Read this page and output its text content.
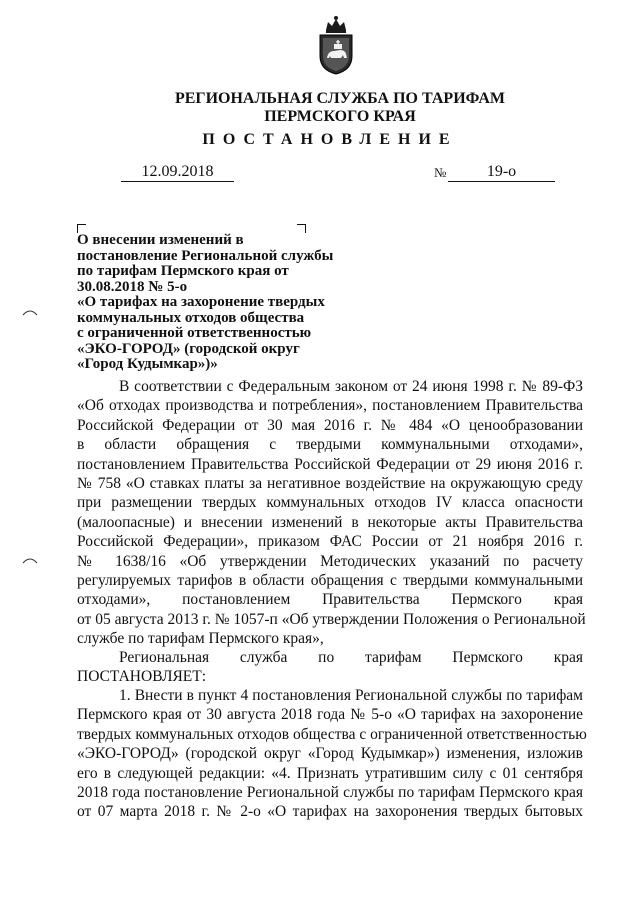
РЕГИОНАЛЬНАЯ СЛУЖБА ПО ТАРИФАМ
ПЕРМСКОГО КРАЯ
ПОСТАНОВЛЕНИЕ
12.09.2018	№	19-о
О внесении изменений в
постановление Региональной службы
по тарифам Пермского края от
30.08.2018 № 5-о
«О тарифах на захоронение твердых
коммунальных отходов общества
с ограниченной ответственностью
«ЭКО-ГОРОД» (городской округ
«Город Кудымкар»)»
В соответствии с Федеральным законом от 24 июня 1998 г. № 89-ФЗ
«Об отходах производства и потребления», постановлением Правительства
Российской Федерации от 30 мая 2016 г. № 484 «О ценообразовании
в области обращения с твердыми коммунальными отходами»,
постановлением Правительства Российской Федерации от 29 июня 2016 г.
№ 758 «О ставках платы за негативное воздействие на окружающую среду
при размещении твердых коммунальных отходов IV класса опасности
(малоопасные) и внесении изменений в некоторые акты Правительства
Российской Федерации», приказом ФАС России от 21 ноября 2016 г.
№ 1638/16 «Об утверждении Методических указаний по расчету
регулируемых тарифов в области обращения с твердыми коммунальными
отходами», постановлением Правительства Пермского края
от 05 августа 2013 г. № 1057-п «Об утверждении Положения о Региональной
службе по тарифам Пермского края»,
Региональная служба по тарифам Пермского края
ПОСТАНОВЛЯЕТ:
1. Внести в пункт 4 постановления Региональной службы по тарифам
Пермского края от 30 августа 2018 года № 5-о «О тарифах на захоронение
твердых коммунальных отходов общества с ограниченной ответственностью
«ЭКО-ГОРОД» (городской округ «Город Кудымкар») изменения, изложив
его в следующей редакции: «4. Признать утратившим силу с 01 сентября
2018 года постановление Региональной службы по тарифам Пермского края
от 07 марта 2018 г. № 2-о «О тарифах на захоронения твердых бытовых
